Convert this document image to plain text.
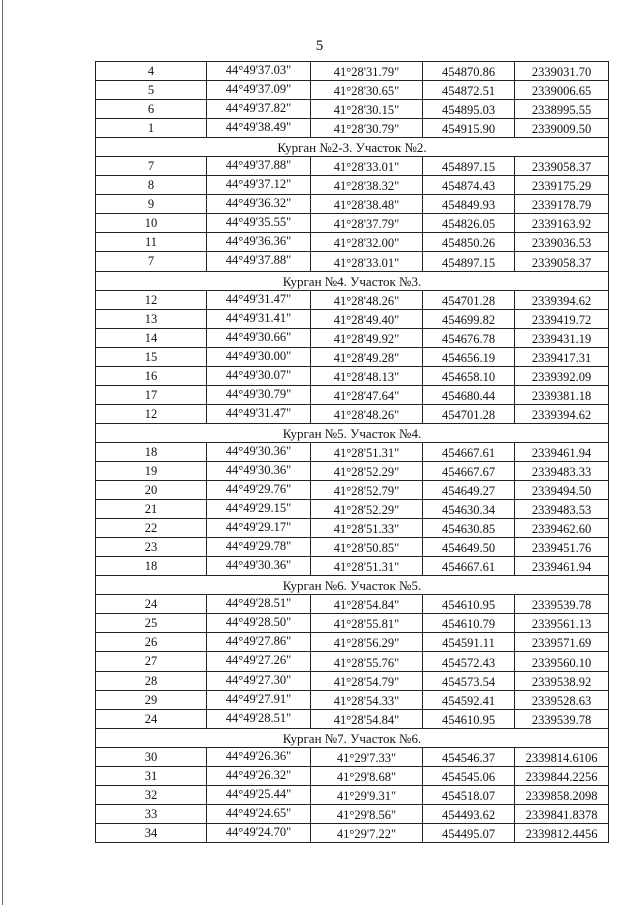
5
4	44°49'37.03"	41°28'31.79"	454870.86	2339031.70
5	44°49'37.09"	41°28'30.65"	454872.51	2339006.65
6	44°49'37.82"	41°28'30.15"	454895.03	2338995.55
1	44°49'38.49"	41°28'30.79"	454915.90	2339009.50
Курган №2-3. Участок №2.				
7	44°49'37.88"	41°28'33.01"	454897.15	2339058.37
8	44°49'37.12"	41°28'38.32"	454874.43	2339175.29
9	44°49'36.32"	41°28'38.48"	454849.93	2339178.79
10	44°49'35.55"	41°28'37.79"	454826.05	2339163.92
11	44°49'36.36"	41°28'32.00"	454850.26	2339036.53
7	44°49'37.88"	41°28'33.01"	454897.15	2339058.37
Курган №4. Участок №3.				
12	44°49'31.47"	41°28'48.26"	454701.28	2339394.62
13	44°49'31.41"	41°28'49.40"	454699.82	2339419.72
14	44°49'30.66"	41°28'49.92"	454676.78	2339431.19
15	44°49'30.00"	41°28'49.28"	454656.19	2339417.31
16	44°49'30.07"	41°28'48.13"	454658.10	2339392.09
17	44°49'30.79"	41°28'47.64"	454680.44	2339381.18
12	44°49'31.47"	41°28'48.26"	454701.28	2339394.62
Курган №5. Участок №4.				
18	44°49'30.36"	41°28'51.31"	454667.61	2339461.94
19	44°49'30.36"	41°28'52.29"	454667.67	2339483.33
20	44°49'29.76"	41°28'52.79"	454649.27	2339494.50
21	44°49'29.15"	41°28'52.29"	454630.34	2339483.53
22	44°49'29.17"	41°28'51.33"	454630.85	2339462.60
23	44°49'29.78"	41°28'50.85"	454649.50	2339451.76
18	44°49'30.36"	41°28'51.31"	454667.61	2339461.94
Курган №6. Участок №5.				
24	44°49'28.51"	41°28'54.84"	454610.95	2339539.78
25	44°49'28.50"	41°28'55.81"	454610.79	2339561.13
26	44°49'27.86"	41°28'56.29"	454591.11	2339571.69
27	44°49'27.26"	41°28'55.76"	454572.43	2339560.10
28	44°49'27.30"	41°28'54.79"	454573.54	2339538.92
29	44°49'27.91"	41°28'54.33"	454592.41	2339528.63
24	44°49'28.51"	41°28'54.84"	454610.95	2339539.78
Курган №7. Участок №6.				
30	44°49'26.36"	41°29'7.33"	454546.37	2339814.6106
31	44°49'26.32"	41°29'8.68"	454545.06	2339844.2256
32	44°49'25.44"	41°29'9.31"	454518.07	2339858.2098
33	44°49'24.65"	41°29'8.56"	454493.62	2339841.8378
34	44°49'24.70"	41°29'7.22"	454495.07	2339812.4456
